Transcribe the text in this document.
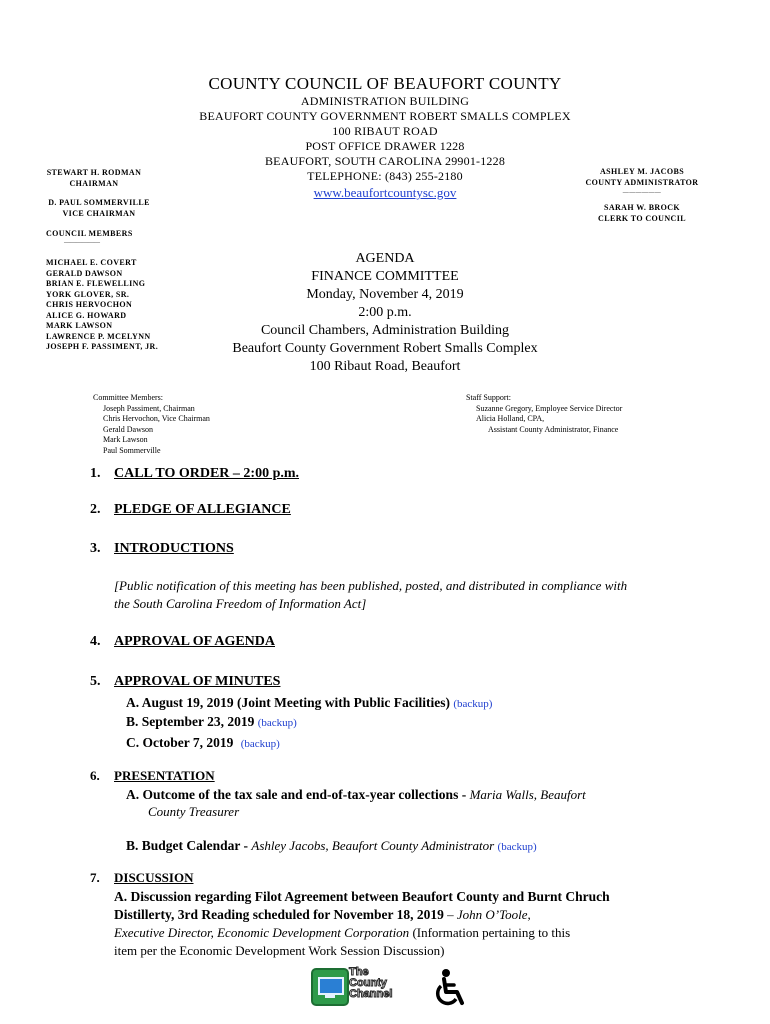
COUNTY COUNCIL OF BEAUFORT COUNTY
ADMINISTRATION BUILDING
BEAUFORT COUNTY GOVERNMENT ROBERT SMALLS COMPLEX
100 RIBAUT ROAD
POST OFFICE DRAWER 1228
BEAUFORT, SOUTH CAROLINA 29901-1228
TELEPHONE: (843) 255-2180
www.beaufortcountysc.gov
STEWART H. RODMAN
CHAIRMAN
D. PAUL SOMMERVILLE
VICE CHAIRMAN
COUNCIL MEMBERS
——————
MICHAEL E. COVERT
GERALD DAWSON
BRIAN E. FLEWELLING
YORK GLOVER, SR.
CHRIS HERVOCHON
ALICE G. HOWARD
MARK LAWSON
LAWRENCE P. MCELYNN
JOSEPH F. PASSIMENT, JR.
ASHLEY M. JACOBS
COUNTY ADMINISTRATOR
——————
SARAH W. BROCK
CLERK TO COUNCIL
AGENDA
FINANCE COMMITTEE
Monday, November 4, 2019
2:00 p.m.
Council Chambers, Administration Building
Beaufort County Government Robert Smalls Complex
100 Ribaut Road, Beaufort
Committee Members:
Joseph Passiment, Chairman
Chris Hervochon, Vice Chairman
Gerald Dawson
Mark Lawson
Paul Sommerville
Staff Support:
Suzanne Gregory, Employee Service Director
Alicia Holland, CPA,
Assistant County Administrator, Finance
1. CALL TO ORDER – 2:00 p.m.
2. PLEDGE OF ALLEGIANCE
3. INTRODUCTIONS
[Public notification of this meeting has been published, posted, and distributed in compliance with
the South Carolina Freedom of Information Act]
4. APPROVAL OF AGENDA
5. APPROVAL OF MINUTES
A. August 19, 2019 (Joint Meeting with Public Facilities) (backup)
B. September 23, 2019 (backup)
C. October 7, 2019 (backup)
6. PRESENTATION
A. Outcome of the tax sale and end-of-tax-year collections - Maria Walls, Beaufort
County Treasurer
B. Budget Calendar - Ashley Jacobs, Beaufort County Administrator (backup)
7. DISCUSSION
A. Discussion regarding Filot Agreement between Beaufort County and Burnt Chruch
Distillerty, 3rd Reading scheduled for November 18, 2019 – John O’Toole,
Executive Director, Economic Development Corporation (Information pertaining to this
item per the Economic Development Work Session Discussion)
The
County
Channel
